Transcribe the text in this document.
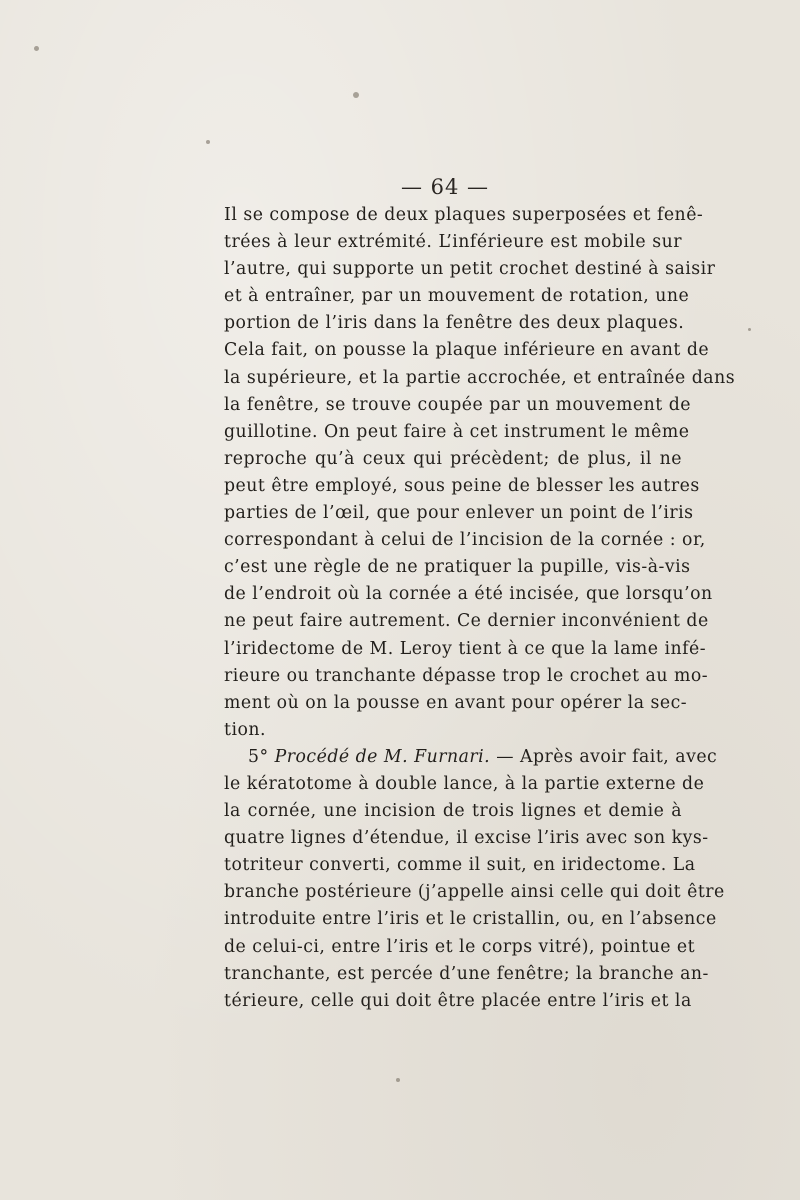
— 64 —
Il se compose de deux plaques superposées et fenê-
trées à leur extrémité. L’inférieure est mobile sur
l’autre, qui supporte un petit crochet destiné à saisir
et à entraîner, par un mouvement de rotation, une
portion de l’iris dans la fenêtre des deux plaques.
Cela fait, on pousse la plaque inférieure en avant de
la supérieure, et la partie accrochée, et entraînée dans
la fenêtre, se trouve coupée par un mouvement de
guillotine. On peut faire à cet instrument le même
reproche qu’à ceux qui précèdent; de plus, il ne
peut être employé, sous peine de blesser les autres
parties de l’œil, que pour enlever un point de l’iris
correspondant à celui de l’incision de la cornée : or,
c’est une règle de ne pratiquer la pupille, vis-à-vis
de l’endroit où la cornée a été incisée, que lorsqu’on
ne peut faire autrement. Ce dernier inconvénient de
l’iridectome de M. Leroy tient à ce que la lame infé-
rieure ou tranchante dépasse trop le crochet au mo-
ment où on la pousse en avant pour opérer la sec-
tion.
5° Procédé de M. Furnari. — Après avoir fait, avec
le kératotome à double lance, à la partie externe de
la cornée, une incision de trois lignes et demie à
quatre lignes d’étendue, il excise l’iris avec son kys-
totriteur converti, comme il suit, en iridectome. La
branche postérieure (j’appelle ainsi celle qui doit être
introduite entre l’iris et le cristallin, ou, en l’absence
de celui-ci, entre l’iris et le corps vitré), pointue et
tranchante, est percée d’une fenêtre; la branche an-
térieure, celle qui doit être placée entre l’iris et la
